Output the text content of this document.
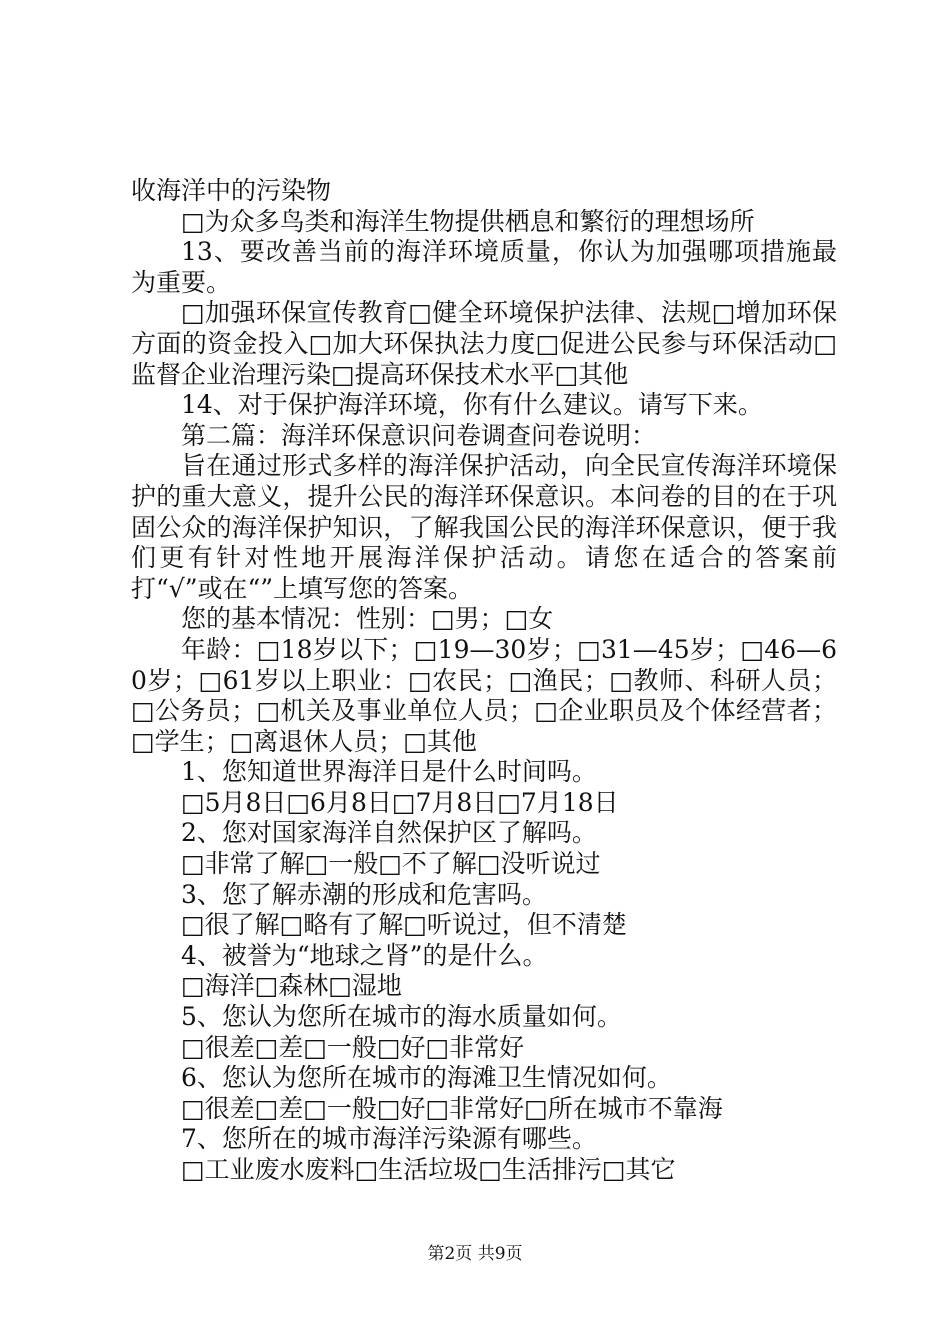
收海洋中的污染物

□为众多鸟类和海洋生物提供栖息和繁衍的理想场所

13、要改善当前的海洋环境质量，你认为加强哪项措施最为重要。

□加强环保宣传教育□健全环境保护法律、法规□增加环保方面的资金投入□加大环保执法力度□促进公民参与环保活动□监督企业治理污染□提高环保技术水平□其他

14、对于保护海洋环境，你有什么建议。请写下来。

第二篇：海洋环保意识问卷调查问卷说明：

旨在通过形式多样的海洋保护活动，向全民宣传海洋环境保护的重大意义，提升公民的海洋环保意识。本问卷的目的在于巩固公众的海洋保护知识，了解我国公民的海洋环保意识，便于我们更有针对性地开展海洋保护活动。请您在适合的答案前打“√”或在“”上填写您的答案。

您的基本情况：性别：□男；□女

年龄：□18岁以下；□19—30岁；□31—45岁；□46—60岁；□61岁以上职业：□农民；□渔民；□教师、科研人员；□公务员；□机关及事业单位人员；□企业职员及个体经营者；□学生；□离退休人员；□其他

1、您知道世界海洋日是什么时间吗。

□5月8日□6月8日□7月8日□7月18日

2、您对国家海洋自然保护区了解吗。

□非常了解□一般□不了解□没听说过

3、您了解赤潮的形成和危害吗。

□很了解□略有了解□听说过，但不清楚

4、被誉为“地球之肾”的是什么。

□海洋□森林□湿地

5、您认为您所在城市的海水质量如何。

□很差□差□一般□好□非常好

6、您认为您所在城市的海滩卫生情况如何。

□很差□差□一般□好□非常好□所在城市不靠海

7、您所在的城市海洋污染源有哪些。

□工业废水废料□生活垃圾□生活排污□其它

第2页 共9页
